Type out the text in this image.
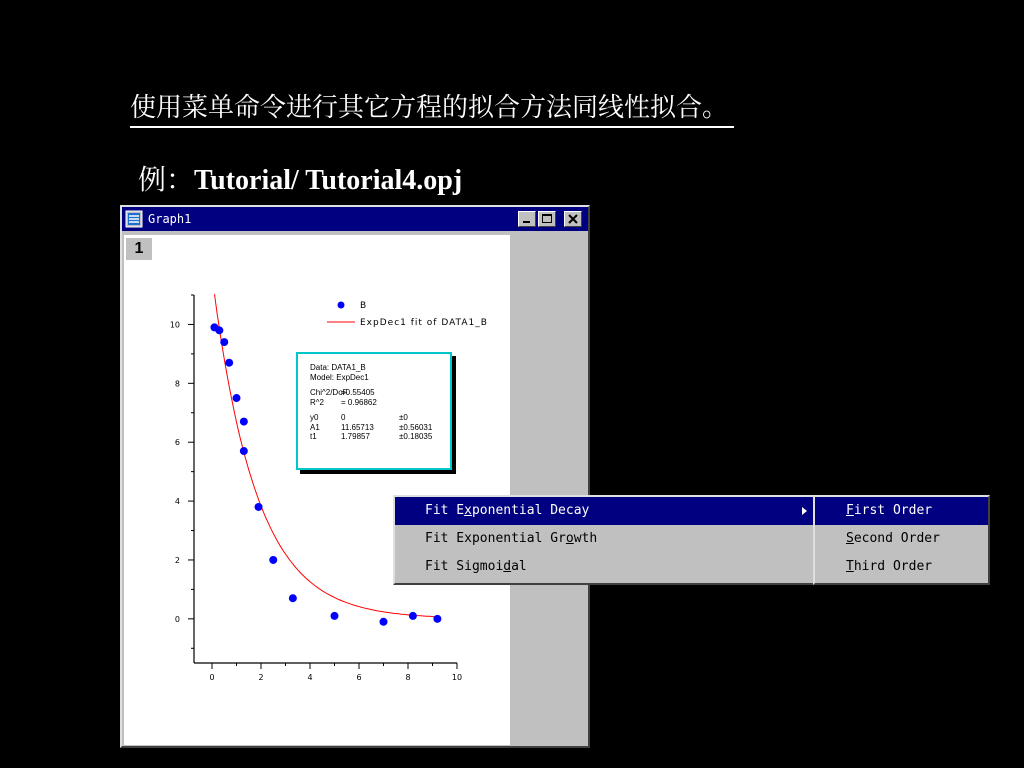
使用菜单命令进行其它方程的拟合方法同线性拟合。
例：Tutorial/ Tutorial4.opj
Graph1
1
0	2	4	6	8	10
0
2
4
6
8
10
B
ExpDec1 fit of DATA1_B
Data: DATA1_B
Model: ExpDec1
Chi^2/DoF=0.55405
R^2 = 0.96862
y0	0	±0
A1	11.65713	±0.56031
t1	1.79857	±0.18035
Fit Exponential Decay
Fit Exponential Growth
Fit Sigmoidal
First Order
Second Order
Third Order
